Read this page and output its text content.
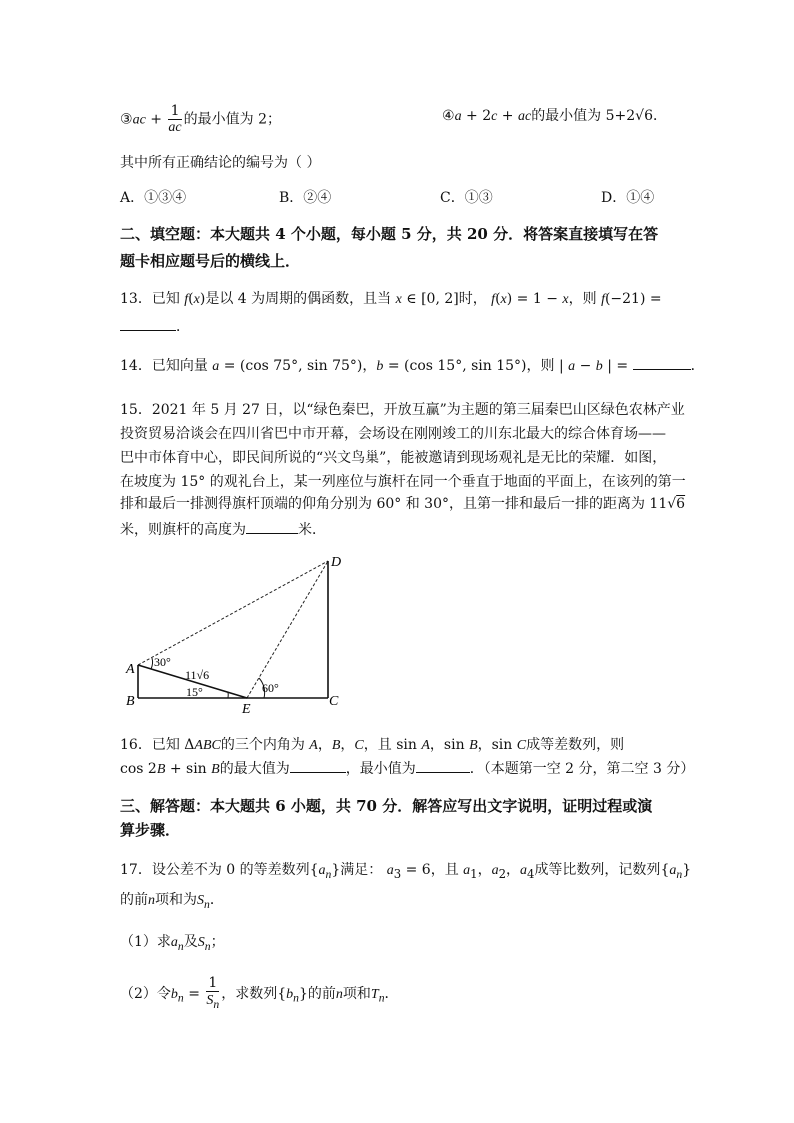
③ac + $\frac{1}{ac}$ 的最小值为 2；	④a + 2c + ac的最小值为 5+2√6．
其中所有正确结论的编号为（ ）
A．①③④	B．②④	C．①③	D．①④
二、填空题：本大题共 4 个小题，每小题 5 分，共 20 分．将答案直接填写在答
题卡相应题号后的横线上．
13．已知 f(x)是以 4 为周期的偶函数，且当 x ∈ [0, 2]时， f(x) = 1 − x，则 f(−21) =
．
14．已知向量 a = (cos 75°, sin 75°)，b = (cos 15°, sin 15°)，则 | a − b | =	．
15．2021 年 5 月 27 日，以“绿色秦巴，开放互赢”为主题的第三届秦巴山区绿色农林产业
投资贸易洽谈会在四川省巴中市开幕，会场设在刚刚竣工的川东北最大的综合体育场——
巴中市体育中心，即民间所说的“兴文鸟巢”，能被邀请到现场观礼是无比的荣耀．如图，
在坡度为 15° 的观礼台上，某一列座位与旗杆在同一个垂直于地面的平面上，在该列的第一
排和最后一排测得旗杆顶端的仰角分别为 60° 和 30°，且第一排和最后一排的距离为 11√6
米，则旗杆的高度为	米．
A
B	C
D
E
30°
60°
15°
11√6
16．已知 ΔABC的三个内角为 A，B，C，且 sin A，sin B，sin C成等差数列，则
cos 2B + sin B的最大值为	，最小值为	．（本题第一空 2 分，第二空 3 分）
三、解答题：本大题共 6 小题，共 70 分．解答应写出文字说明，证明过程或演
算步骤．
17．设公差不为 0 的等差数列$\{a_n\}$满足： $a_3 = 6$，且 $a_1$，$a_2$，$a_4$成等比数列，记数列$\{a_n\}$
的前n项和为$S_n$．
（1）求$a_n$及$S_n$；
（2）令$b_n = \frac{1}{S_n}$ ，求数列$\{b_n\}$的前n项和$T_n$．
